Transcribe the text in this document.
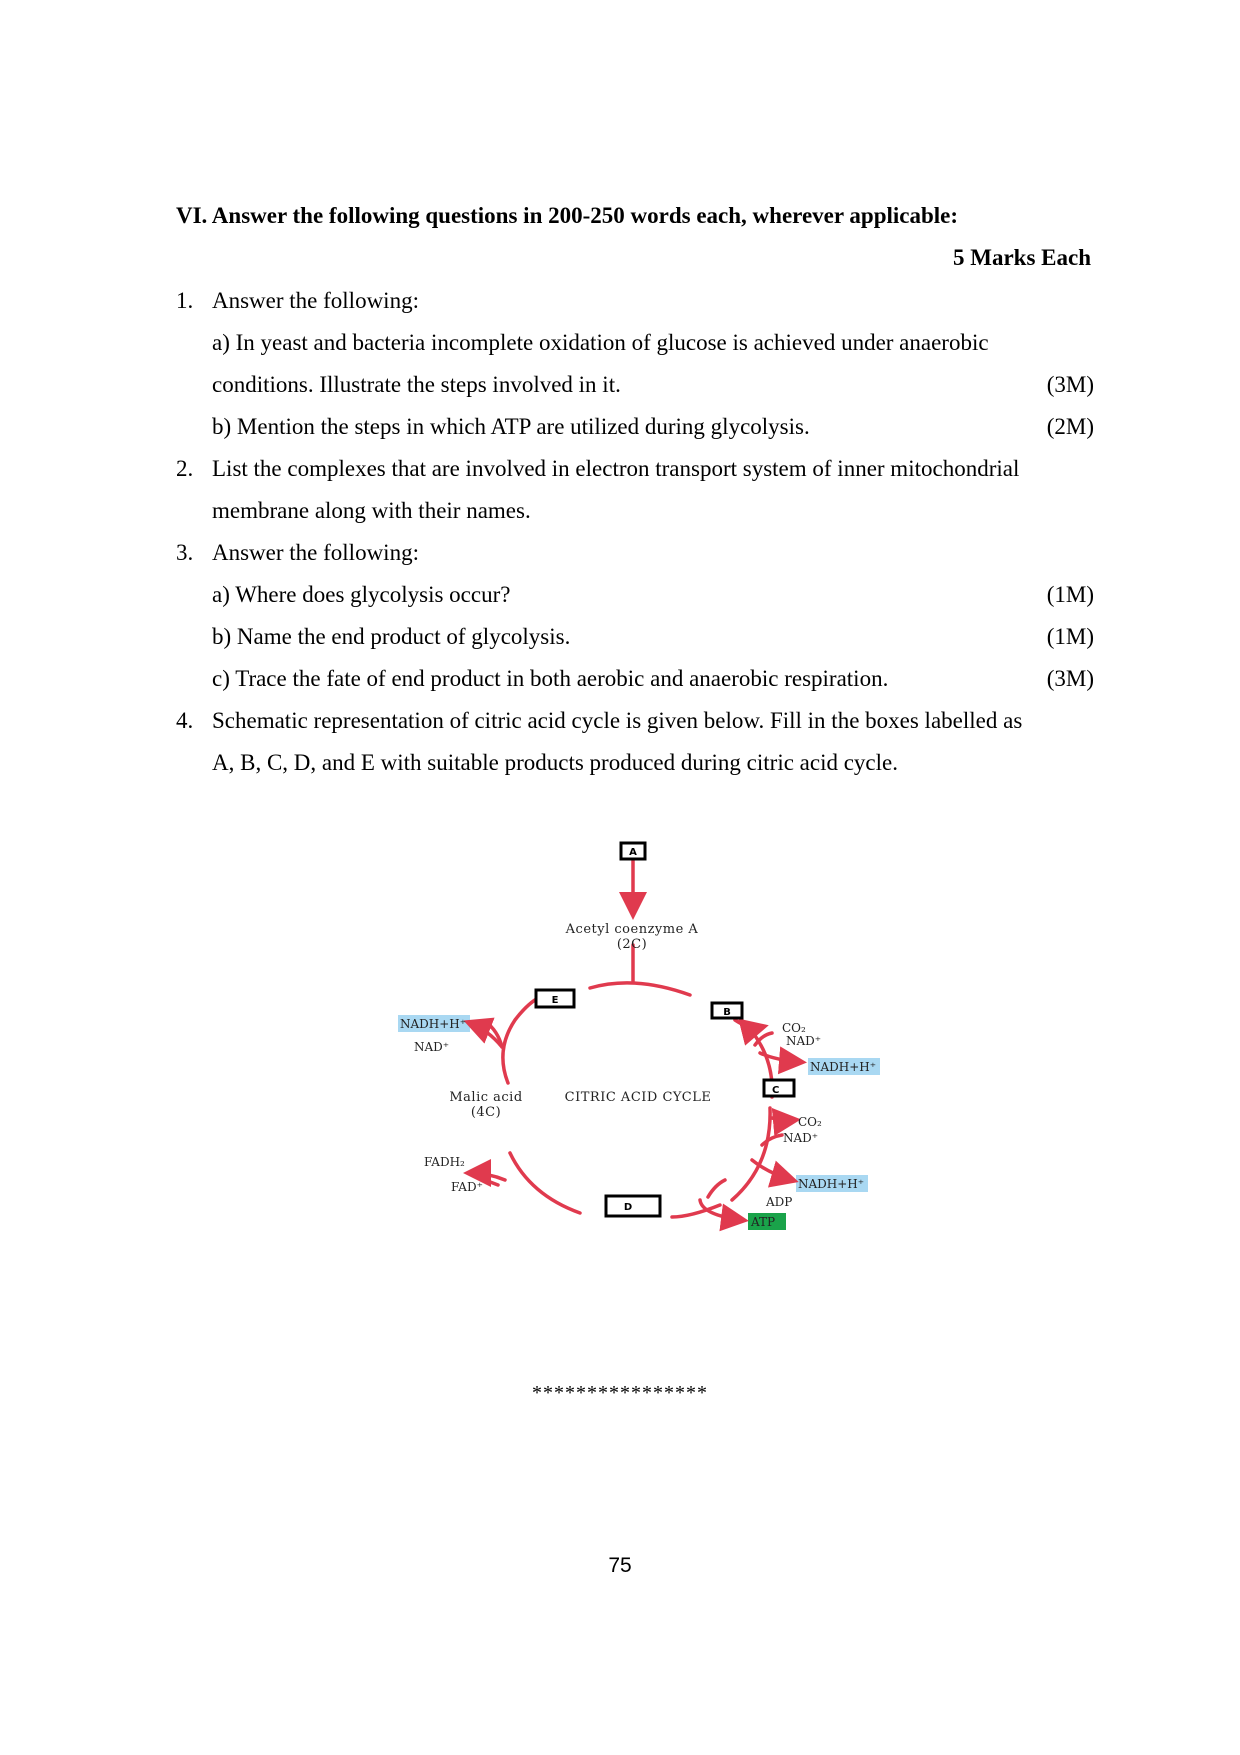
VI. Answer the following questions in 200-250 words each, wherever applicable:
5 Marks Each
1. Answer the following:
a) In yeast and bacteria incomplete oxidation of glucose is achieved under anaerobic
conditions. Illustrate the steps involved in it.	(3M)
b) Mention the steps in which ATP are utilized during glycolysis.	(2M)
2. List the complexes that are involved in electron transport system of inner mitochondrial
membrane along with their names.
3. Answer the following:
a) Where does glycolysis occur?	(1M)
b) Name the end product of glycolysis.	(1M)
c) Trace the fate of end product in both aerobic and anaerobic respiration.	(3M)
4. Schematic representation of citric acid cycle is given below. Fill in the boxes labelled as
A, B, C, D, and E with suitable products produced during citric acid cycle.
A
E
B
C
D
Acetyl coenzyme A
(2C)
CITRIC ACID CYCLE
Malic acid
(4C)
NADH+H⁺
NAD⁺
CO₂
NAD⁺
NADH+H⁺
CO₂
NAD⁺
NADH+H⁺
ADP
ATP
FADH₂
FAD⁺
****************
75
